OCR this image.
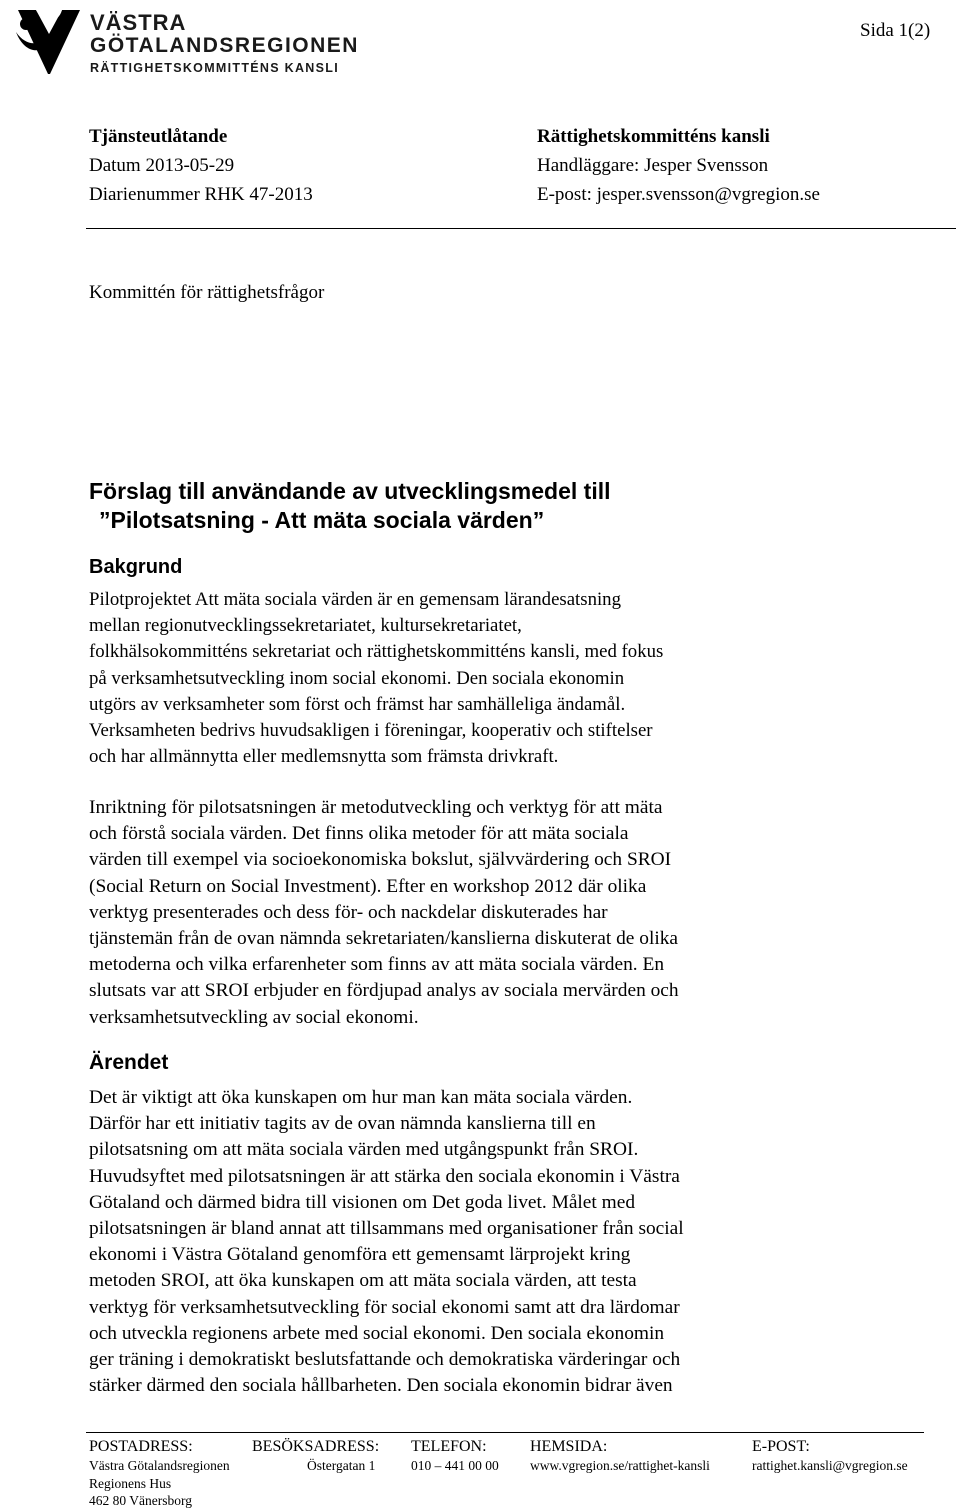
VÄSTRA
GÖTALANDSREGIONEN
RÄTTIGHETSKOMMITTÉNS KANSLI
Sida 1(2)
Tjänsteutlåtande
Datum 2013-05-29
Diarienummer RHK 47-2013
Rättighetskommitténs kansli
Handläggare: Jesper Svensson
E-post: jesper.svensson@vgregion.se
Kommittén för rättighetsfrågor
Förslag till användande av utvecklingsmedel till
”Pilotsatsning - Att mäta sociala värden”
Bakgrund
Pilotprojektet Att mäta sociala värden är en gemensam lärandesatsning
mellan regionutvecklingssekretariatet, kultursekretariatet,
folkhälsokommitténs sekretariat och rättighetskommitténs kansli, med fokus
på verksamhetsutveckling inom social ekonomi. Den sociala ekonomin
utgörs av verksamheter som först och främst har samhälleliga ändamål.
Verksamheten bedrivs huvudsakligen i föreningar, kooperativ och stiftelser
och har allmännytta eller medlemsnytta som främsta drivkraft.
Inriktning för pilotsatsningen är metodutveckling och verktyg för att mäta
och förstå sociala värden. Det finns olika metoder för att mäta sociala
värden till exempel via socioekonomiska bokslut, självvärdering och SROI
(Social Return on Social Investment). Efter en workshop 2012 där olika
verktyg presenterades och dess för- och nackdelar diskuterades har
tjänstemän från de ovan nämnda sekretariaten/kanslierna diskuterat de olika
metoderna och vilka erfarenheter som finns av att mäta sociala värden. En
slutsats var att SROI erbjuder en fördjupad analys av sociala mervärden och
verksamhetsutveckling av social ekonomi.
Ärendet
Det är viktigt att öka kunskapen om hur man kan mäta sociala värden.
Därför har ett initiativ tagits av de ovan nämnda kanslierna till en
pilotsatsning om att mäta sociala värden med utgångspunkt från SROI.
Huvudsyftet med pilotsatsningen är att stärka den sociala ekonomin i Västra
Götaland och därmed bidra till visionen om Det goda livet. Målet med
pilotsatsningen är bland annat att tillsammans med organisationer från social
ekonomi i Västra Götaland genomföra ett gemensamt lärprojekt kring
metoden SROI, att öka kunskapen om att mäta sociala värden, att testa
verktyg för verksamhetsutveckling för social ekonomi samt att dra lärdomar
och utveckla regionens arbete med social ekonomi. Den sociala ekonomin
ger träning i demokratiskt beslutsfattande och demokratiska värderingar och
stärker därmed den sociala hållbarheten. Den sociala ekonomin bidrar även
POSTADRESS:
Västra Götalandsregionen
Regionens Hus
462 80 Vänersborg
BESÖKSADRESS:
Östergatan 1
TELEFON:
010 – 441 00 00
HEMSIDA:
www.vgregion.se/rattighet-kansli
E-POST:
rattighet.kansli@vgregion.se
